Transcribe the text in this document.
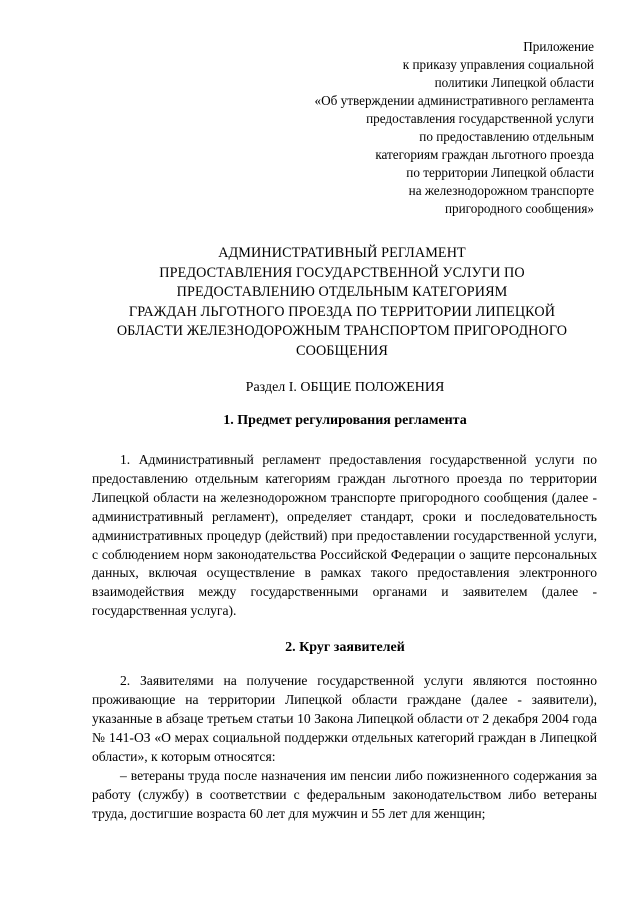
Приложение
к приказу управления социальной
политики Липецкой области
«Об утверждении административного регламента
предоставления государственной услуги
по предоставлению отдельным
категориям граждан льготного проезда
по территории Липецкой области
на железнодорожном транспорте
пригородного сообщения»
АДМИНИСТРАТИВНЫЙ РЕГЛАМЕНТ
ПРЕДОСТАВЛЕНИЯ ГОСУДАРСТВЕННОЙ УСЛУГИ ПО
ПРЕДОСТАВЛЕНИЮ ОТДЕЛЬНЫМ КАТЕГОРИЯМ
ГРАЖДАН ЛЬГОТНОГО ПРОЕЗДА ПО ТЕРРИТОРИИ ЛИПЕЦКОЙ
ОБЛАСТИ ЖЕЛЕЗНОДОРОЖНЫМ ТРАНСПОРТОМ ПРИГОРОДНОГО
СООБЩЕНИЯ
Раздел I. ОБЩИЕ ПОЛОЖЕНИЯ
1. Предмет регулирования регламента

1. Административный регламент предоставления государственной услуги по предоставлению отдельным категориям граждан льготного проезда по территории Липецкой области на железнодорожном транспорте пригородного сообщения (далее - административный регламент), определяет стандарт, сроки и последовательность административных процедур (действий) при предоставлении государственной услуги, с соблюдением норм законодательства Российской Федерации о защите персональных данных, включая осуществление в рамках такого предоставления электронного взаимодействия между государственными органами и заявителем (далее - государственная услуга).

2. Круг заявителей

2. Заявителями на получение государственной услуги являются постоянно проживающие на территории Липецкой области граждане (далее - заявители), указанные в абзаце третьем статьи 10 Закона Липецкой области от 2 декабря 2004 года № 141-ОЗ «О мерах социальной поддержки отдельных категорий граждан в Липецкой области», к которым относятся:

– ветераны труда после назначения им пенсии либо пожизненного содержания за работу (службу) в соответствии с федеральным законодательством либо ветераны труда, достигшие возраста 60 лет для мужчин и 55 лет для женщин;
